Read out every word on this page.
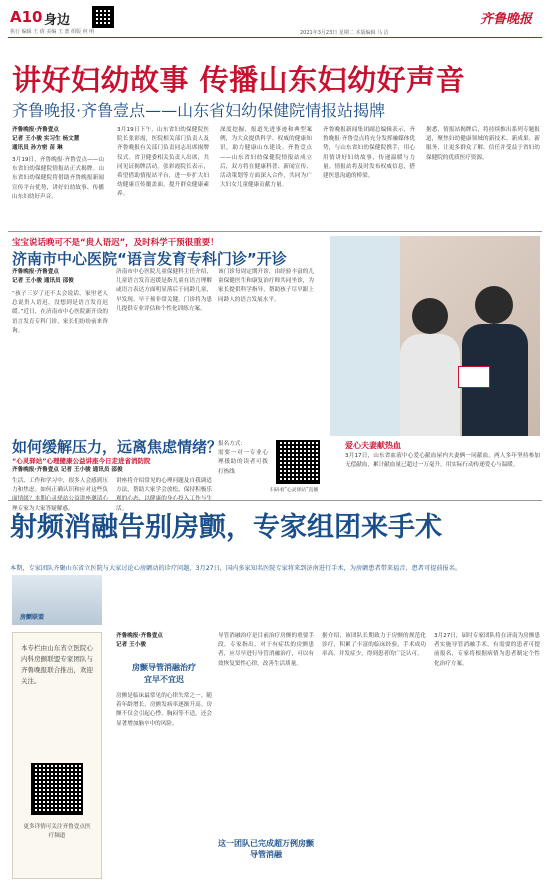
A10 身边
执行 编辑 王 倩 美编 王 蕾 组版 何 明
齐鲁晚报
2021年3月23日 星期二 本版编辑 马 洁
讲好妇幼故事 传播山东妇幼好声音
齐鲁晚报·齐鲁壹点——山东省妇幼保健院情报站揭牌
齐鲁晚报·齐鲁壹点
记者 王小骏 实习生 杨文慧
通讯员 孙方密 苗 琳
3月19日，齐鲁晚报·齐鲁壹点——山东省妇幼保健院情报站正式揭牌。山东省妇幼保健院将借助齐鲁晚报新闻宣传平台优势，讲好妇幼故事、传播山东妇幼好声音。
3月19日下午，山东省妇幼保健院医院长张彩霞，医院相关部门负责人及齐鲁晚报有关部门负责同志出席揭牌仪式。省卫健委相关负责人出席，共同见证揭牌活动。张彩霞院长表示，希望借助情报站平台，进一步扩大妇幼健康宣传覆盖面，提升群众健康素养。
深度挖掘、报道先进事迹和典型案例，为大众提供科学、权威的健康知识，助力健康山东建设。齐鲁壹点——山东省妇幼保健院情报站成立后，双方将在健康科普、新闻宣传、活动策划等方面深入合作，共同为广大妇女儿童健康贡献力量。
齐鲁晚报新闻集团副总编辑表示，齐鲁晚报·齐鲁壹点将充分发挥融媒体优势，与山东省妇幼保健院携手，用心用情讲好妇幼故事，传递温暖与力量。情报站将及时发布权威信息，搭建医患沟通的桥梁。
据悉，情报站揭牌后，将持续推出系列专题报道，聚焦妇幼健康领域的新技术、新成果、新服务，让更多群众了解、信任并受益于省妇幼保健院的优质医疗资源。
宝宝说话晚可不是“贵人语迟”，及时科学干预很重要！
济南市中心医院“语言发育专科门诊”开诊
齐鲁晚报·齐鲁壹点
记者 王小骏 通讯员 邵俊
“孩子三岁了还不太会说话，家里老人总说贵人语迟，没想到是语言发育迟缓。”近日，在济南市中心医院新开设的语言发育专科门诊，家长们纷纷前来咨询。
济南市中心医院儿童保健科主任介绍，儿童语言发育迟缓是指儿童在语言理解或语言表达方面明显落后于同龄儿童，早发现、早干预非常关键。门诊将为患儿提供专业评估和个性化训练方案。
该门诊每周定期开诊，由经验丰富的儿童保健医生和康复治疗师共同坐诊，为家长提供科学指导，帮助孩子尽早跟上同龄人的语言发展水平。
爱心夫妻献热血
3月17日，山东省血液中心爱心献血屋内夫妻俩一同献血。两人多年坚持参加无偿献血，累计献血量已超过一万毫升，用实际行动传递爱心与温暖。
如何缓解压力，远离焦虑情绪？
“心灵驿站”心理健康公益讲座今日走进省消防院
齐鲁晚报·齐鲁壹点 记者 王小骏 通讯员 邵俊
生活、工作和学习中，很多人会感到压力和焦虑。如何正确认识和应对这些负 理专家为大家答疑解惑。
讲座将介绍常见的心理问题及自我调适方法，帮助大家学会放松，保持积极乐 活。
报名方式：
需要一对一专业心理援助的读者可拨打热线
扫码看“心灵驿站”直播
射频消融告别房颤，专家组团来手术
本期，专家团队齐聚山东省立医院与大家讨论心房颤动的诊疗问题，3月27日，国内多家知名医院专家将来到济南进行手术，为房颤患者带来福音，患者可提前报名。
房颤联盟
本专栏由山东省立医院心内科房颤联盟专家团队与齐鲁晚报联合推出，欢迎关注。
更多详情可关注齐鲁壹点医疗频道
齐鲁晚报·齐鲁壹点
记者 王小骏
房颤导管消融治疗
宜早不宜迟
房颤是临床最常见的心律失常之一。随着年龄增长，房颤发病率逐渐升高。房颤不仅会引起心悸、胸闷等不适，还会显著增加脑卒中的风险。
导管消融治疗是目前治疗房颤的重要手段。专家指出，对于有症状的房颤患者，应尽早进行导管消融治疗，可以有效恢复窦性心律，改善生活质量。
这一团队已完成超万例房颤导管消融
据介绍，该团队长期致力于房颤的规范化诊疗，积累了丰富的临床经验，手术成功率高、并发症少，得到患者的广泛认可。
3月27日，届时专家团队将在济南为房颤患者实施导管消融手术，有需要的患者可提前报名，专家将根据病情为患者制定个性化治疗方案。
